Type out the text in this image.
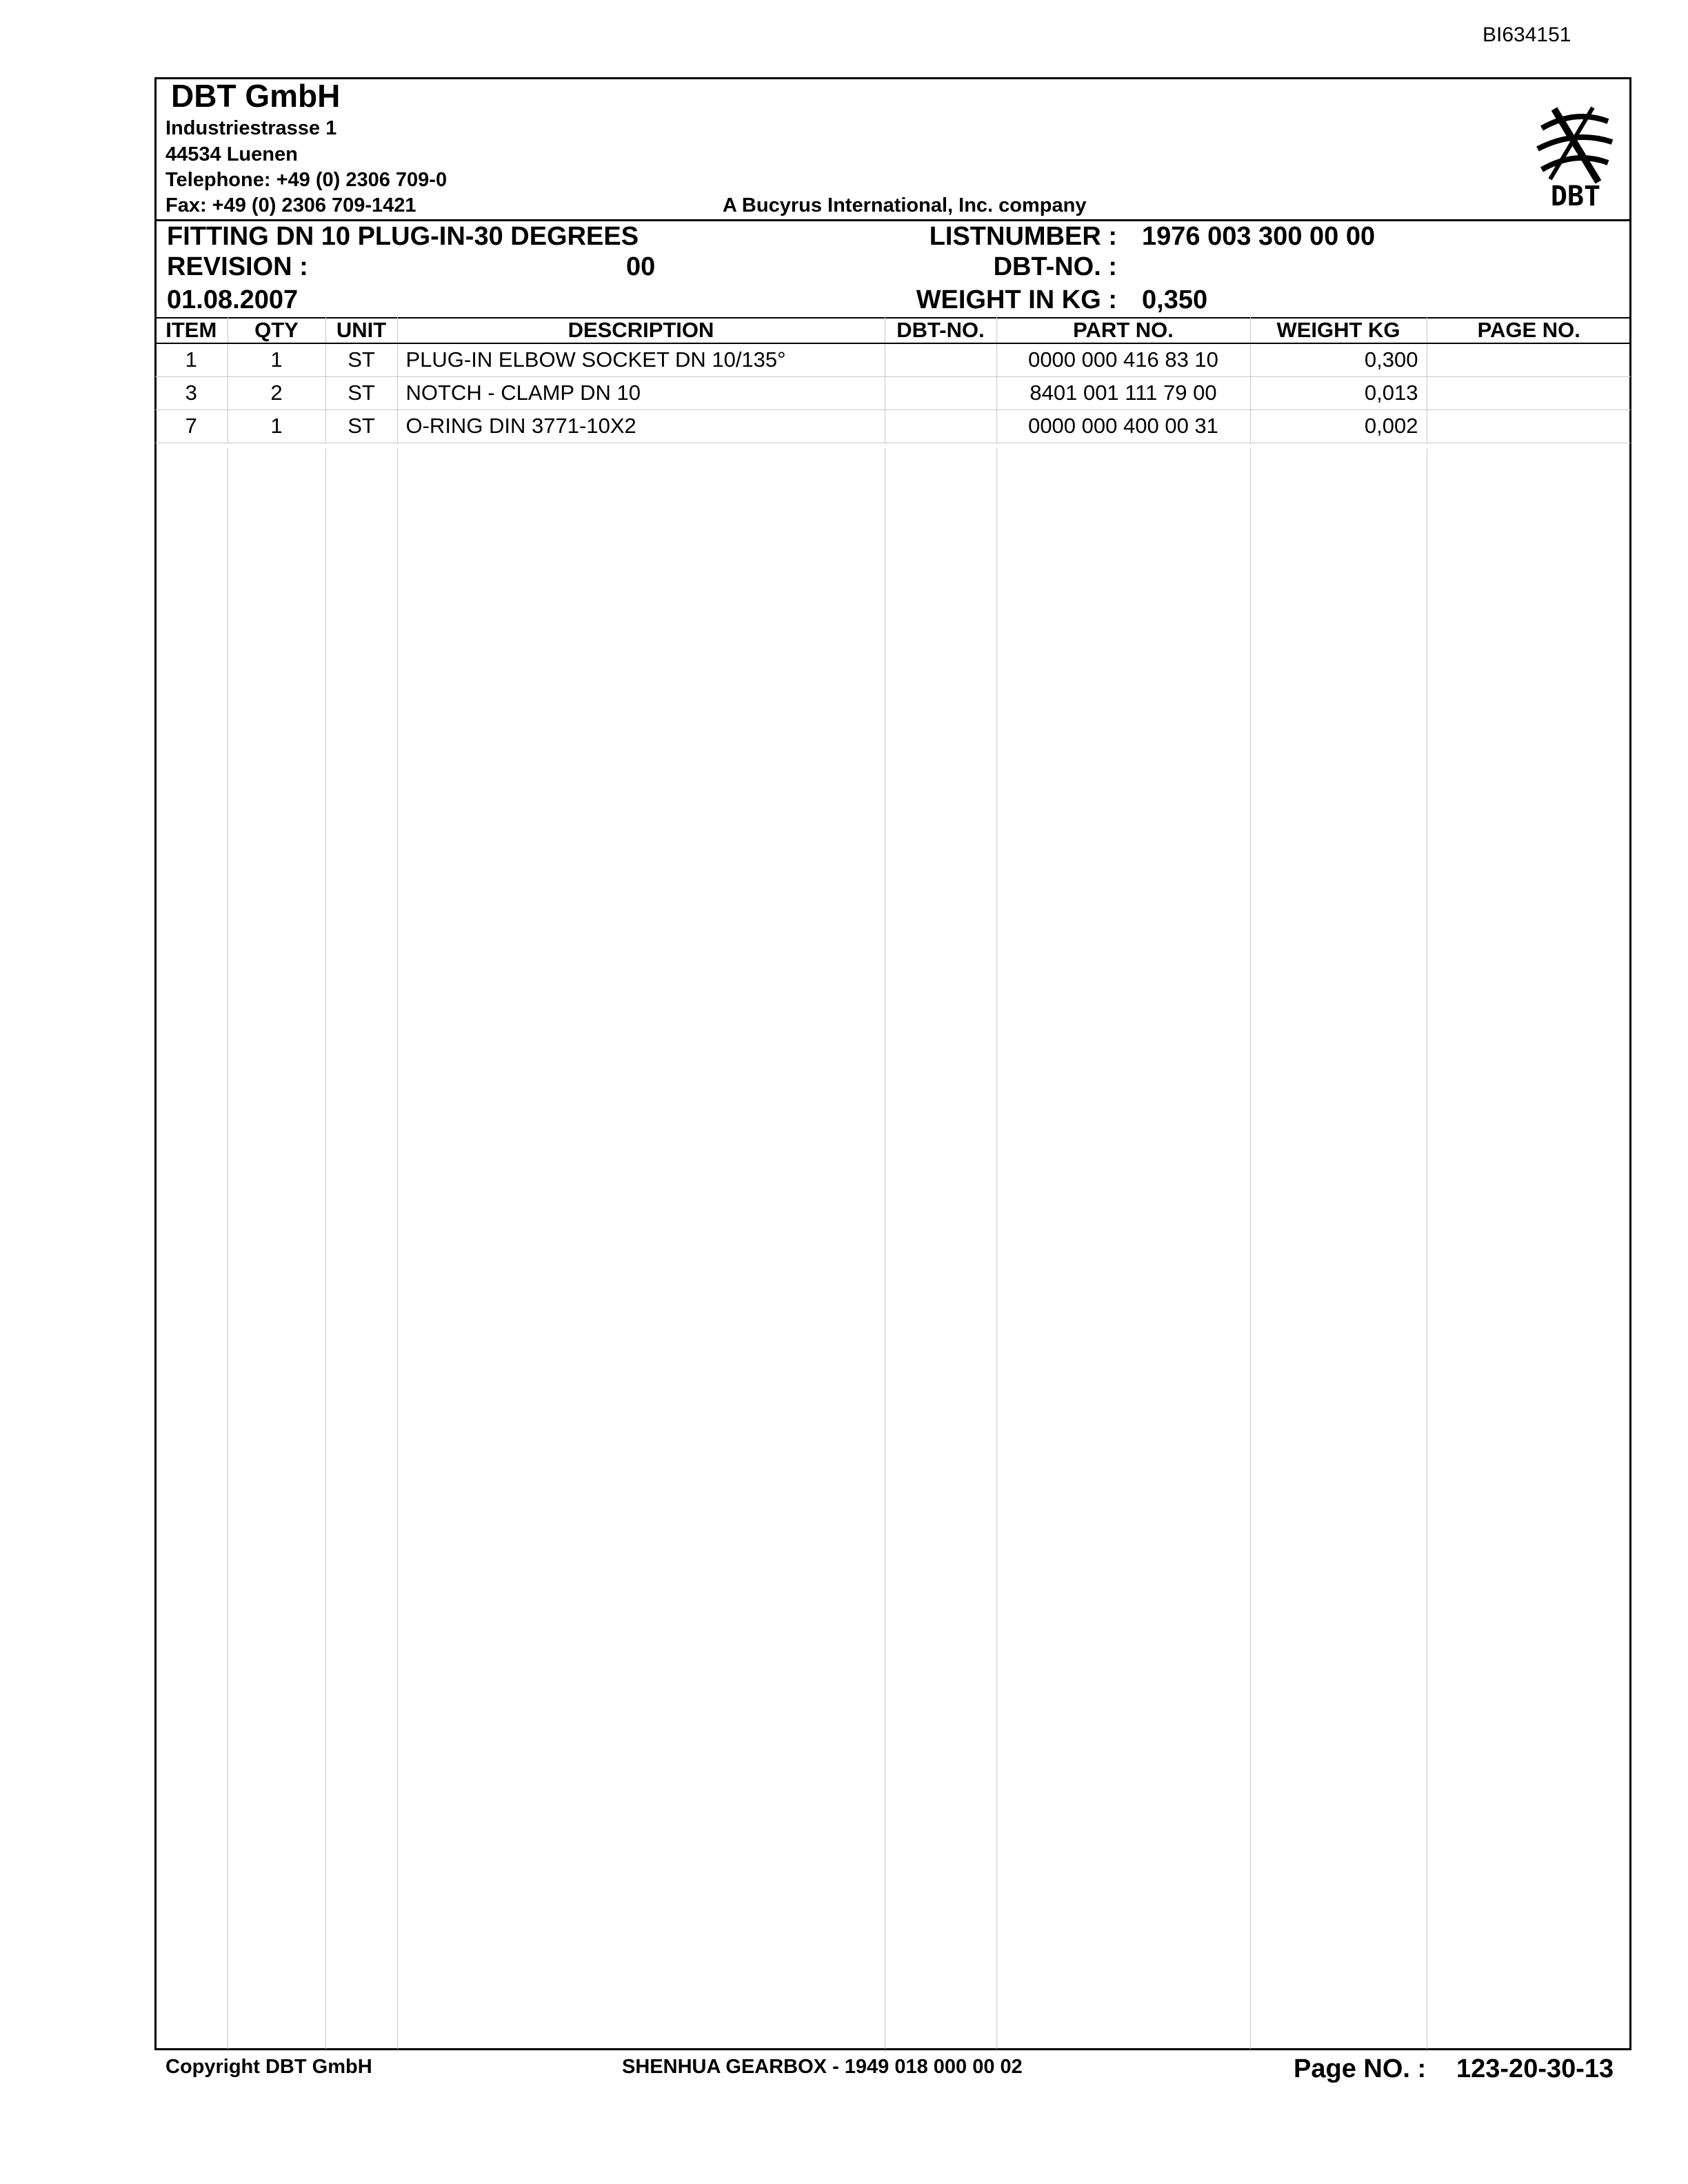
BI634151
DBT GmbH
Industriestrasse 1
44534 Luenen
Telephone: +49 (0) 2306 709-0
Fax: +49 (0) 2306 709-1421	A Bucyrus International, Inc. company	DBT
FITTING DN 10 PLUG-IN-30 DEGREES
REVISION :	00
01.08.2007
LISTNUMBER : 1976 003 300 00 00
DBT-NO. :
WEIGHT IN KG : 0,350
ITEM	QTY	UNIT	DESCRIPTION	DBT-NO.	PART NO.	WEIGHT KG	PAGE NO.
1	1	ST	PLUG-IN ELBOW SOCKET DN 10/135°		0000 000 416 83 10	0,300	
3	2	ST	NOTCH - CLAMP DN 10		8401 001 111 79 00	0,013	
7	1	ST	O-RING DIN 3771-10X2		0000 000 400 00 31	0,002	
Copyright DBT GmbH	SHENHUA GEARBOX - 1949 018 000 00 02	Page NO. : 123-20-30-13
